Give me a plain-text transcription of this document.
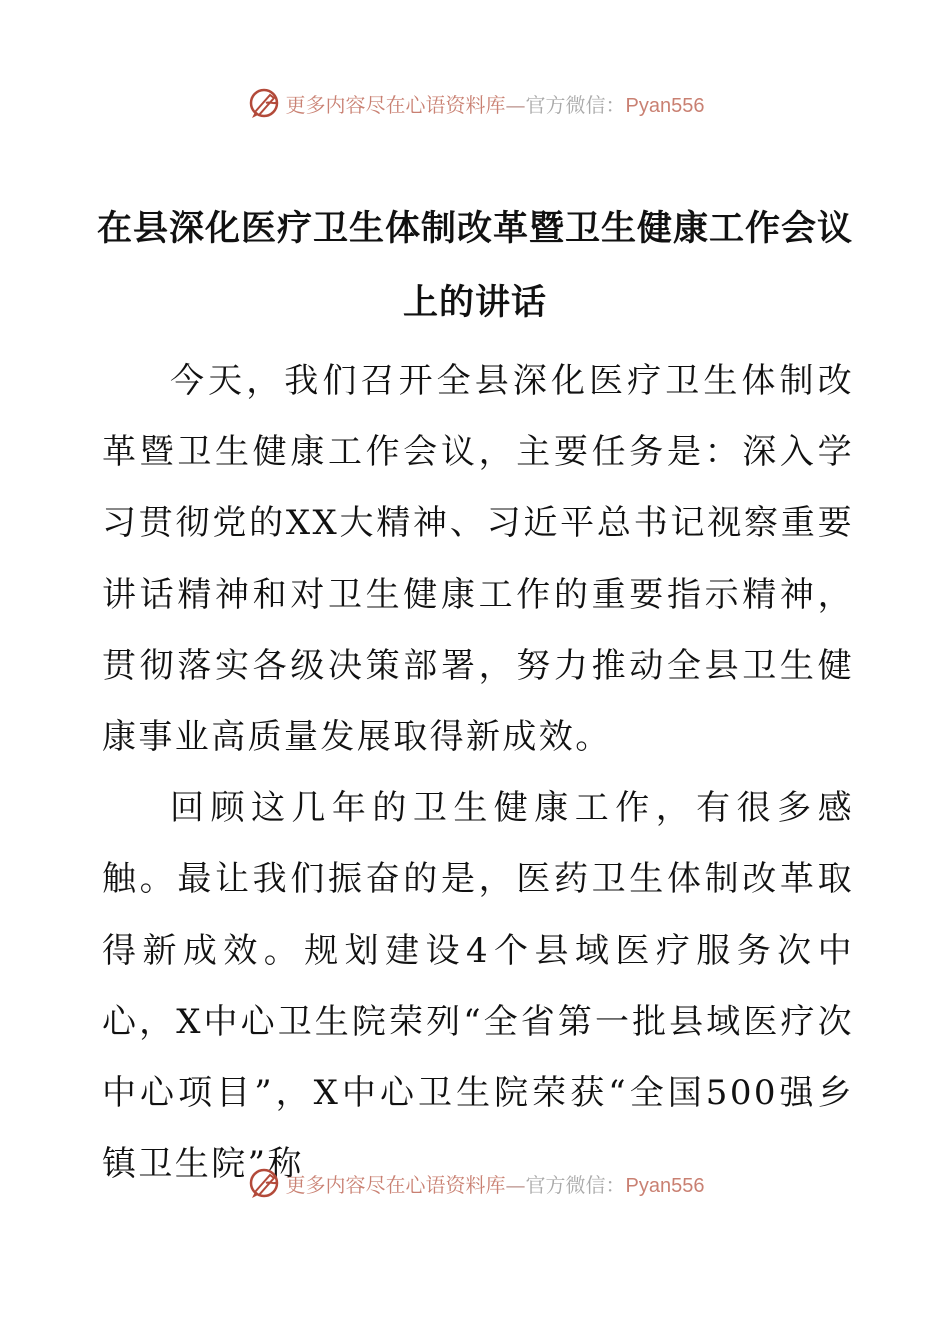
更多内容尽在心语资料库—官方微信：Pyan556
在县深化医疗卫生体制改革暨卫生健康工作会议上的讲话

今天，我们召开全县深化医疗卫生体制改革暨卫生健康工作会议，主要任务是：深入学习贯彻党的XX大精神、习近平总书记视察重要讲话精神和对卫生健康工作的重要指示精神，贯彻落实各级决策部署，努力推动全县卫生健康事业高质量发展取得新成效。

回顾这几年的卫生健康工作，有很多感触。最让我们振奋的是，医药卫生体制改革取得新成效。规划建设4个县域医疗服务次中心，X中心卫生院荣列“全省第一批县域医疗次中心项目”，X中心卫生院荣获“全国500强乡镇卫生院”称

更多内容尽在心语资料库—官方微信：Pyan556
